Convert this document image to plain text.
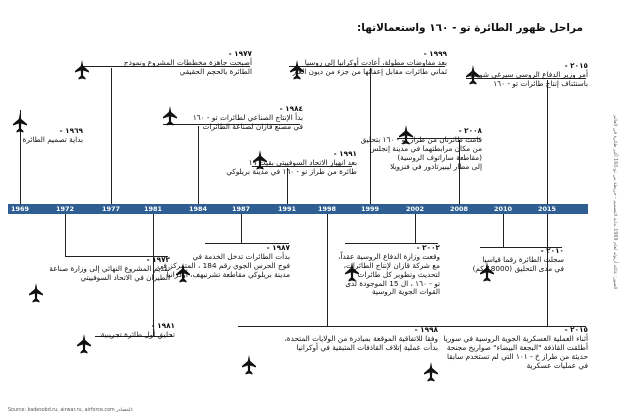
مراحل ظهور الطائرة تو - ١٦٠ واستعمالاتها:
1969	1972	1977	1981	1984	1987	1991	1998	1999	2002	2008	2010	2015
١٩٦٩ -
بداية تصميم الطائرة
١٩٧٢ -
تقديم المشروع النهائي إلى وزارة صناعة
الطيران في الاتحاد السوفييتي
١٩٧٧ -
أصبحت جاهزة مخططات المشروع ونموذج
الطائرة بالحجم الحقيقي
١٩٨١ -
تحليق أول طائرة تجريبية
١٩٨٤ -
بدأ الإنتاج الصناعي لطائرات تو - ١٦٠
في مصنع قازان لصناعة الطائرات
١٩٨٧ -
بدأت الطائرات تدخل الخدمة في
فوج الحرس الجوي رقم 184 ، المتمركز في
مدينة بريلوكي مقاطعة تشرنيهف، أوكرانيا
١٩٩١ -
بعد انهيار الاتحاد السوفييتي بقيت ١٩
طائرة من طراز تو - ١٦٠ في مدينة بريلوكي
١٩٩٨ -
وفقا للاتفاقية الموقعة بمبادرة من الولايات المتحدة،
بدأت عملية إتلاف القاذفات المتبقية في أوكرانيا
١٩٩٩ -
بعد مفاوضات مطولة، أعادت أوكرانيا إلى روسيا
ثماني طائرات مقابل إعفائها من جزء من ديون الغاز
٢٠٠٢ -
وقعت وزارة الدفاع الروسية عقداً،
مع شركة قازان لإنتاج الطائرات،
لتحديث وتطوير كل طائرات
تو - ١٦٠ ، ال 15 الموجودة لدى
القوات الجوية الروسية
٢٠٠٨ -
قامت طائرتان من طراز تو - ١٦٠ بتحليق
من مكان مرابطتهما في مدينة إنجلس
(مقاطعة ساراتوف الروسية)
إلى مطار ليبيرتادور في فنزويلا
٢٠١٠ -
سجلت الطائرة رقما قياسيا
في مدى التحليق (18000 كم)
٢٠١٥ -
أمر وزير الدفاع الروسي سيرغي شويغو
باستئناف إنتاج طائرات تو - ١٦٠
٢٠١٥ -
أثناء العملية العسكرية الجوية الروسية في سوريا
أطلقت القاذفة "البجعة البيضاء" صواريخ مجنحة
حديثة من طراز خ - ١٠١ التي لم تستخدم سابقا
في عمليات عسكرية
Source: kadesobd.ru, airwar.ru, airforce.com المصادر:
الصور: عائلة أرنولد لعام 1969 بداية التصميم - خريطة من تو-160 أكبر طائرة في العالم
